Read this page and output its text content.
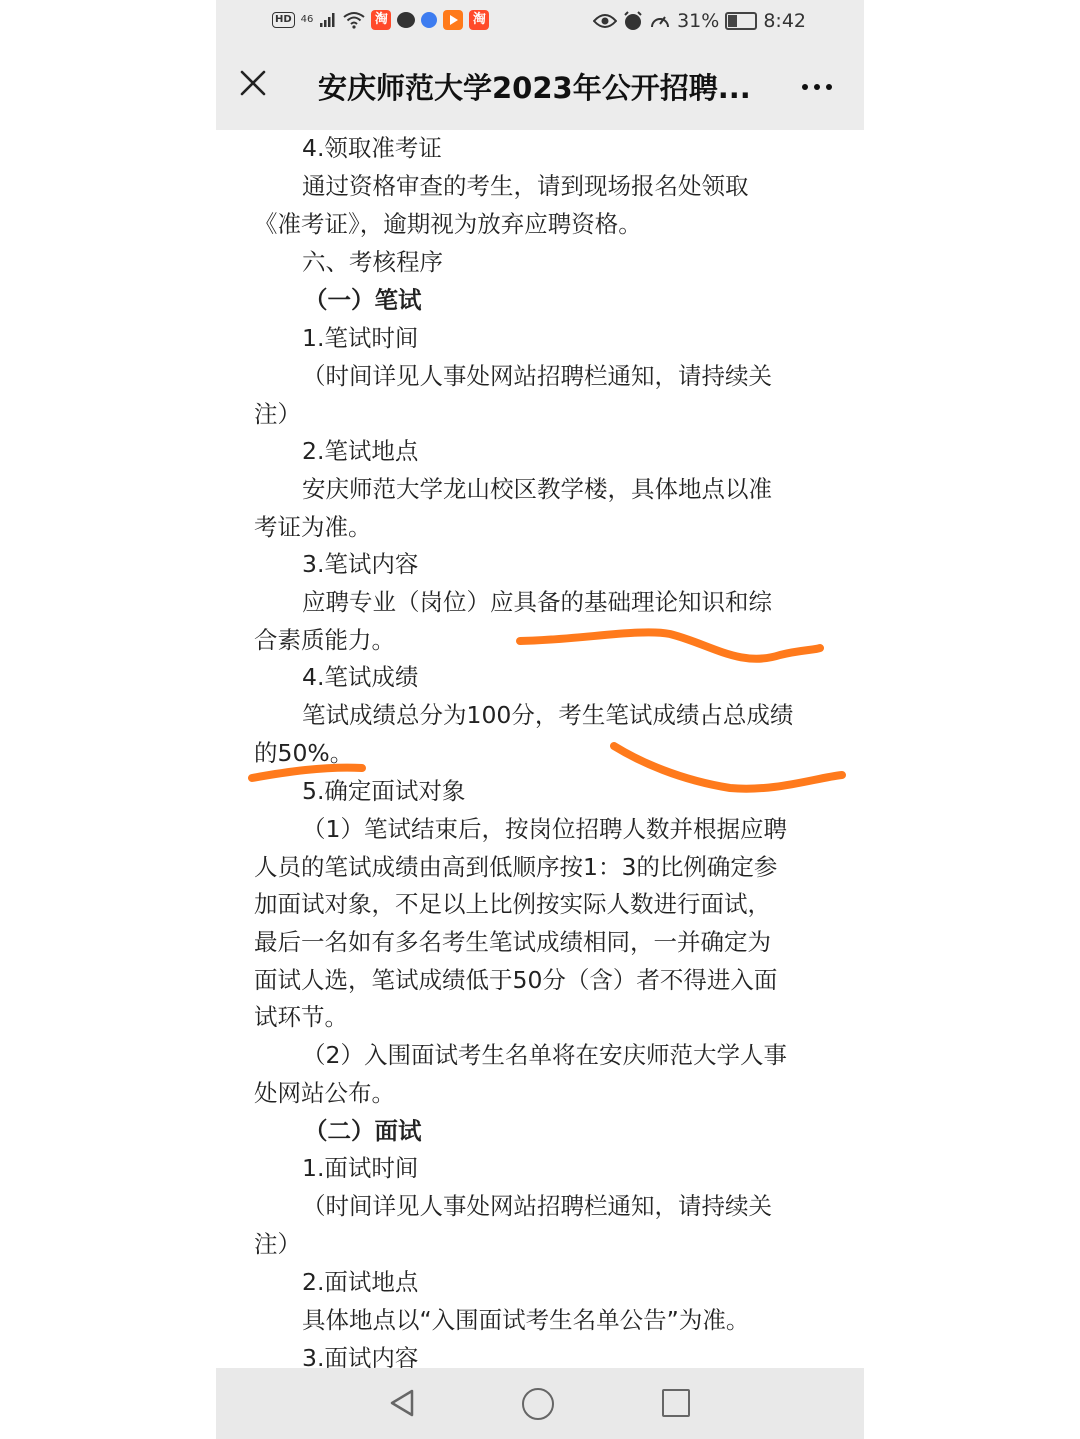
HD 46	淘	淘	31% 8:42
安庆师范大学2023年公开招聘...
4.领取准考证
通过资格审查的考生，请到现场报名处领取
《准考证》，逾期视为放弃应聘资格。
六、考核程序
（一）笔试
1.笔试时间
（时间详见人事处网站招聘栏通知，请持续关
注）
2.笔试地点
安庆师范大学龙山校区教学楼，具体地点以准
考证为准。
3.笔试内容
应聘专业（岗位）应具备的基础理论知识和综
合素质能力。
4.笔试成绩
笔试成绩总分为100分，考生笔试成绩占总成绩
的50%。
5.确定面试对象
（1）笔试结束后，按岗位招聘人数并根据应聘
人员的笔试成绩由高到低顺序按1：3的比例确定参
加面试对象，不足以上比例按实际人数进行面试，
最后一名如有多名考生笔试成绩相同，一并确定为
面试人选，笔试成绩低于50分（含）者不得进入面
试环节。
（2）入围面试考生名单将在安庆师范大学人事
处网站公布。
（二）面试
1.面试时间
（时间详见人事处网站招聘栏通知，请持续关
注）
2.面试地点
具体地点以“入围面试考生名单公告”为准。
3.面试内容
